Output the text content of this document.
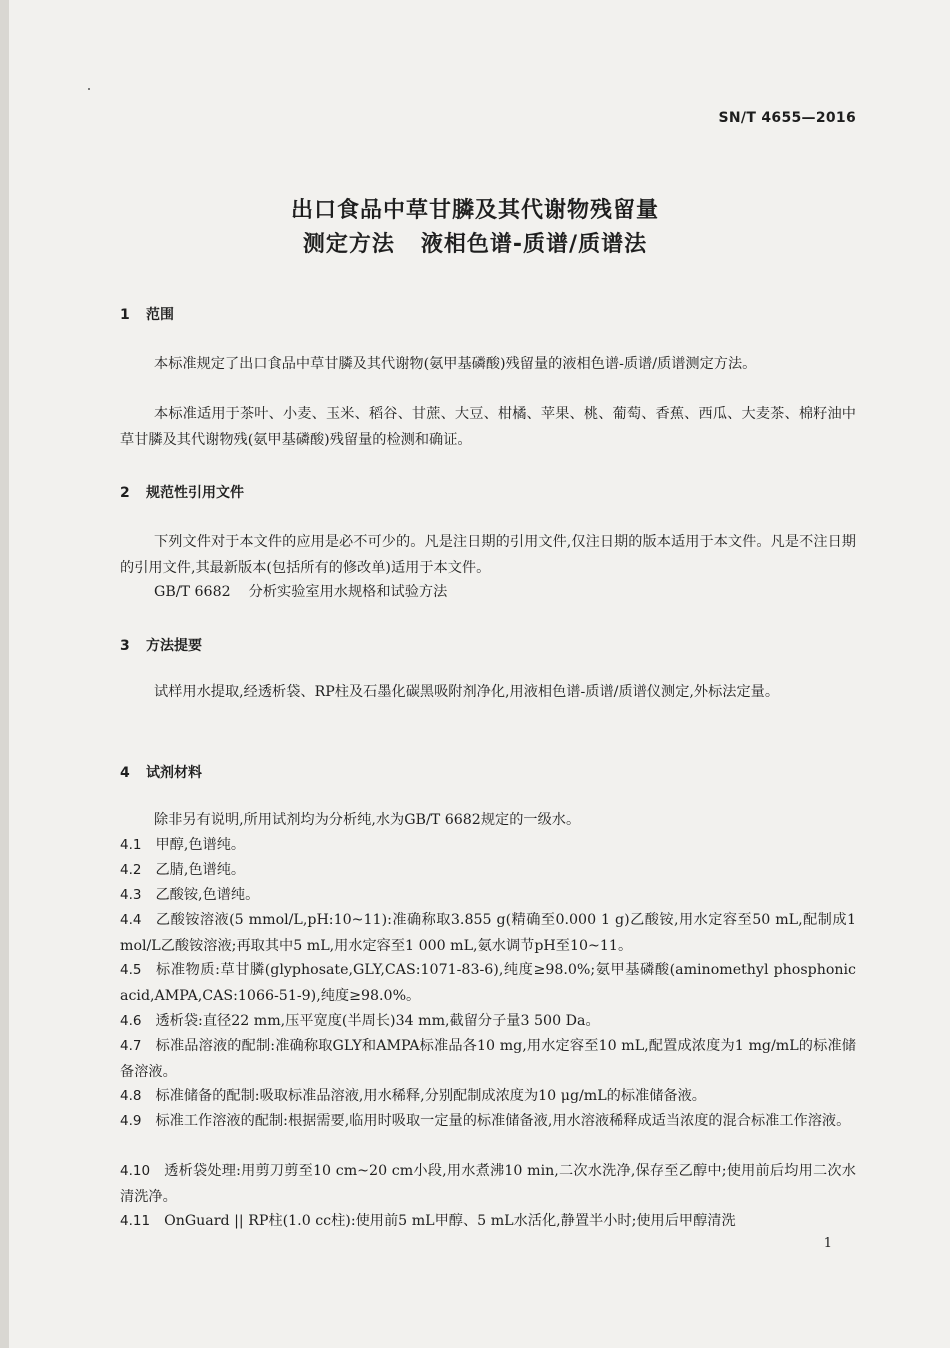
SN/T 4655—2016
出口食品中草甘膦及其代谢物残留量
测定方法 液相色谱-质谱/质谱法
1 范围
本标准规定了出口食品中草甘膦及其代谢物(氨甲基磷酸)残留量的液相色谱-质谱/质谱测定方法。
本标准适用于茶叶、小麦、玉米、稻谷、甘蔗、大豆、柑橘、苹果、桃、葡萄、香蕉、西瓜、大麦茶、棉籽油中草甘膦及其代谢物残(氨甲基磷酸)残留量的检测和确证。
2 规范性引用文件
下列文件对于本文件的应用是必不可少的。凡是注日期的引用文件,仅注日期的版本适用于本文件。凡是不注日期的引用文件,其最新版本(包括所有的修改单)适用于本文件。
GB/T 6682 分析实验室用水规格和试验方法
3 方法提要
试样用水提取,经透析袋、RP柱及石墨化碳黑吸附剂净化,用液相色谱-质谱/质谱仪测定,外标法定量。
4 试剂材料
除非另有说明,所用试剂均为分析纯,水为GB/T 6682规定的一级水。
4.1 甲醇,色谱纯。
4.2 乙腈,色谱纯。
4.3 乙酸铵,色谱纯。
4.4 乙酸铵溶液(5 mmol/L,pH:10~11):准确称取3.855 g(精确至0.000 1 g)乙酸铵,用水定容至50 mL,配制成1 mol/L乙酸铵溶液;再取其中5 mL,用水定容至1 000 mL,氨水调节pH至10~11。
4.5 标准物质:草甘膦(glyphosate,GLY,CAS:1071-83-6),纯度≥98.0%;氨甲基磷酸(aminomethyl phosphonic acid,AMPA,CAS:1066-51-9),纯度≥98.0%。
4.6 透析袋:直径22 mm,压平宽度(半周长)34 mm,截留分子量3 500 Da。
4.7 标准品溶液的配制:准确称取GLY和AMPA标准品各10 mg,用水定容至10 mL,配置成浓度为1 mg/mL的标准储备溶液。
4.8 标准储备的配制:吸取标准品溶液,用水稀释,分别配制成浓度为10 μg/mL的标准储备液。
4.9 标准工作溶液的配制:根据需要,临用时吸取一定量的标准储备液,用水溶液稀释成适当浓度的混合标准工作溶液。
4.10 透析袋处理:用剪刀剪至10 cm~20 cm小段,用水煮沸10 min,二次水洗净,保存至乙醇中;使用前后均用二次水清洗净。
4.11 OnGuard || RP柱(1.0 cc柱):使用前5 mL甲醇、5 mL水活化,静置半小时;使用后甲醇清洗
1
